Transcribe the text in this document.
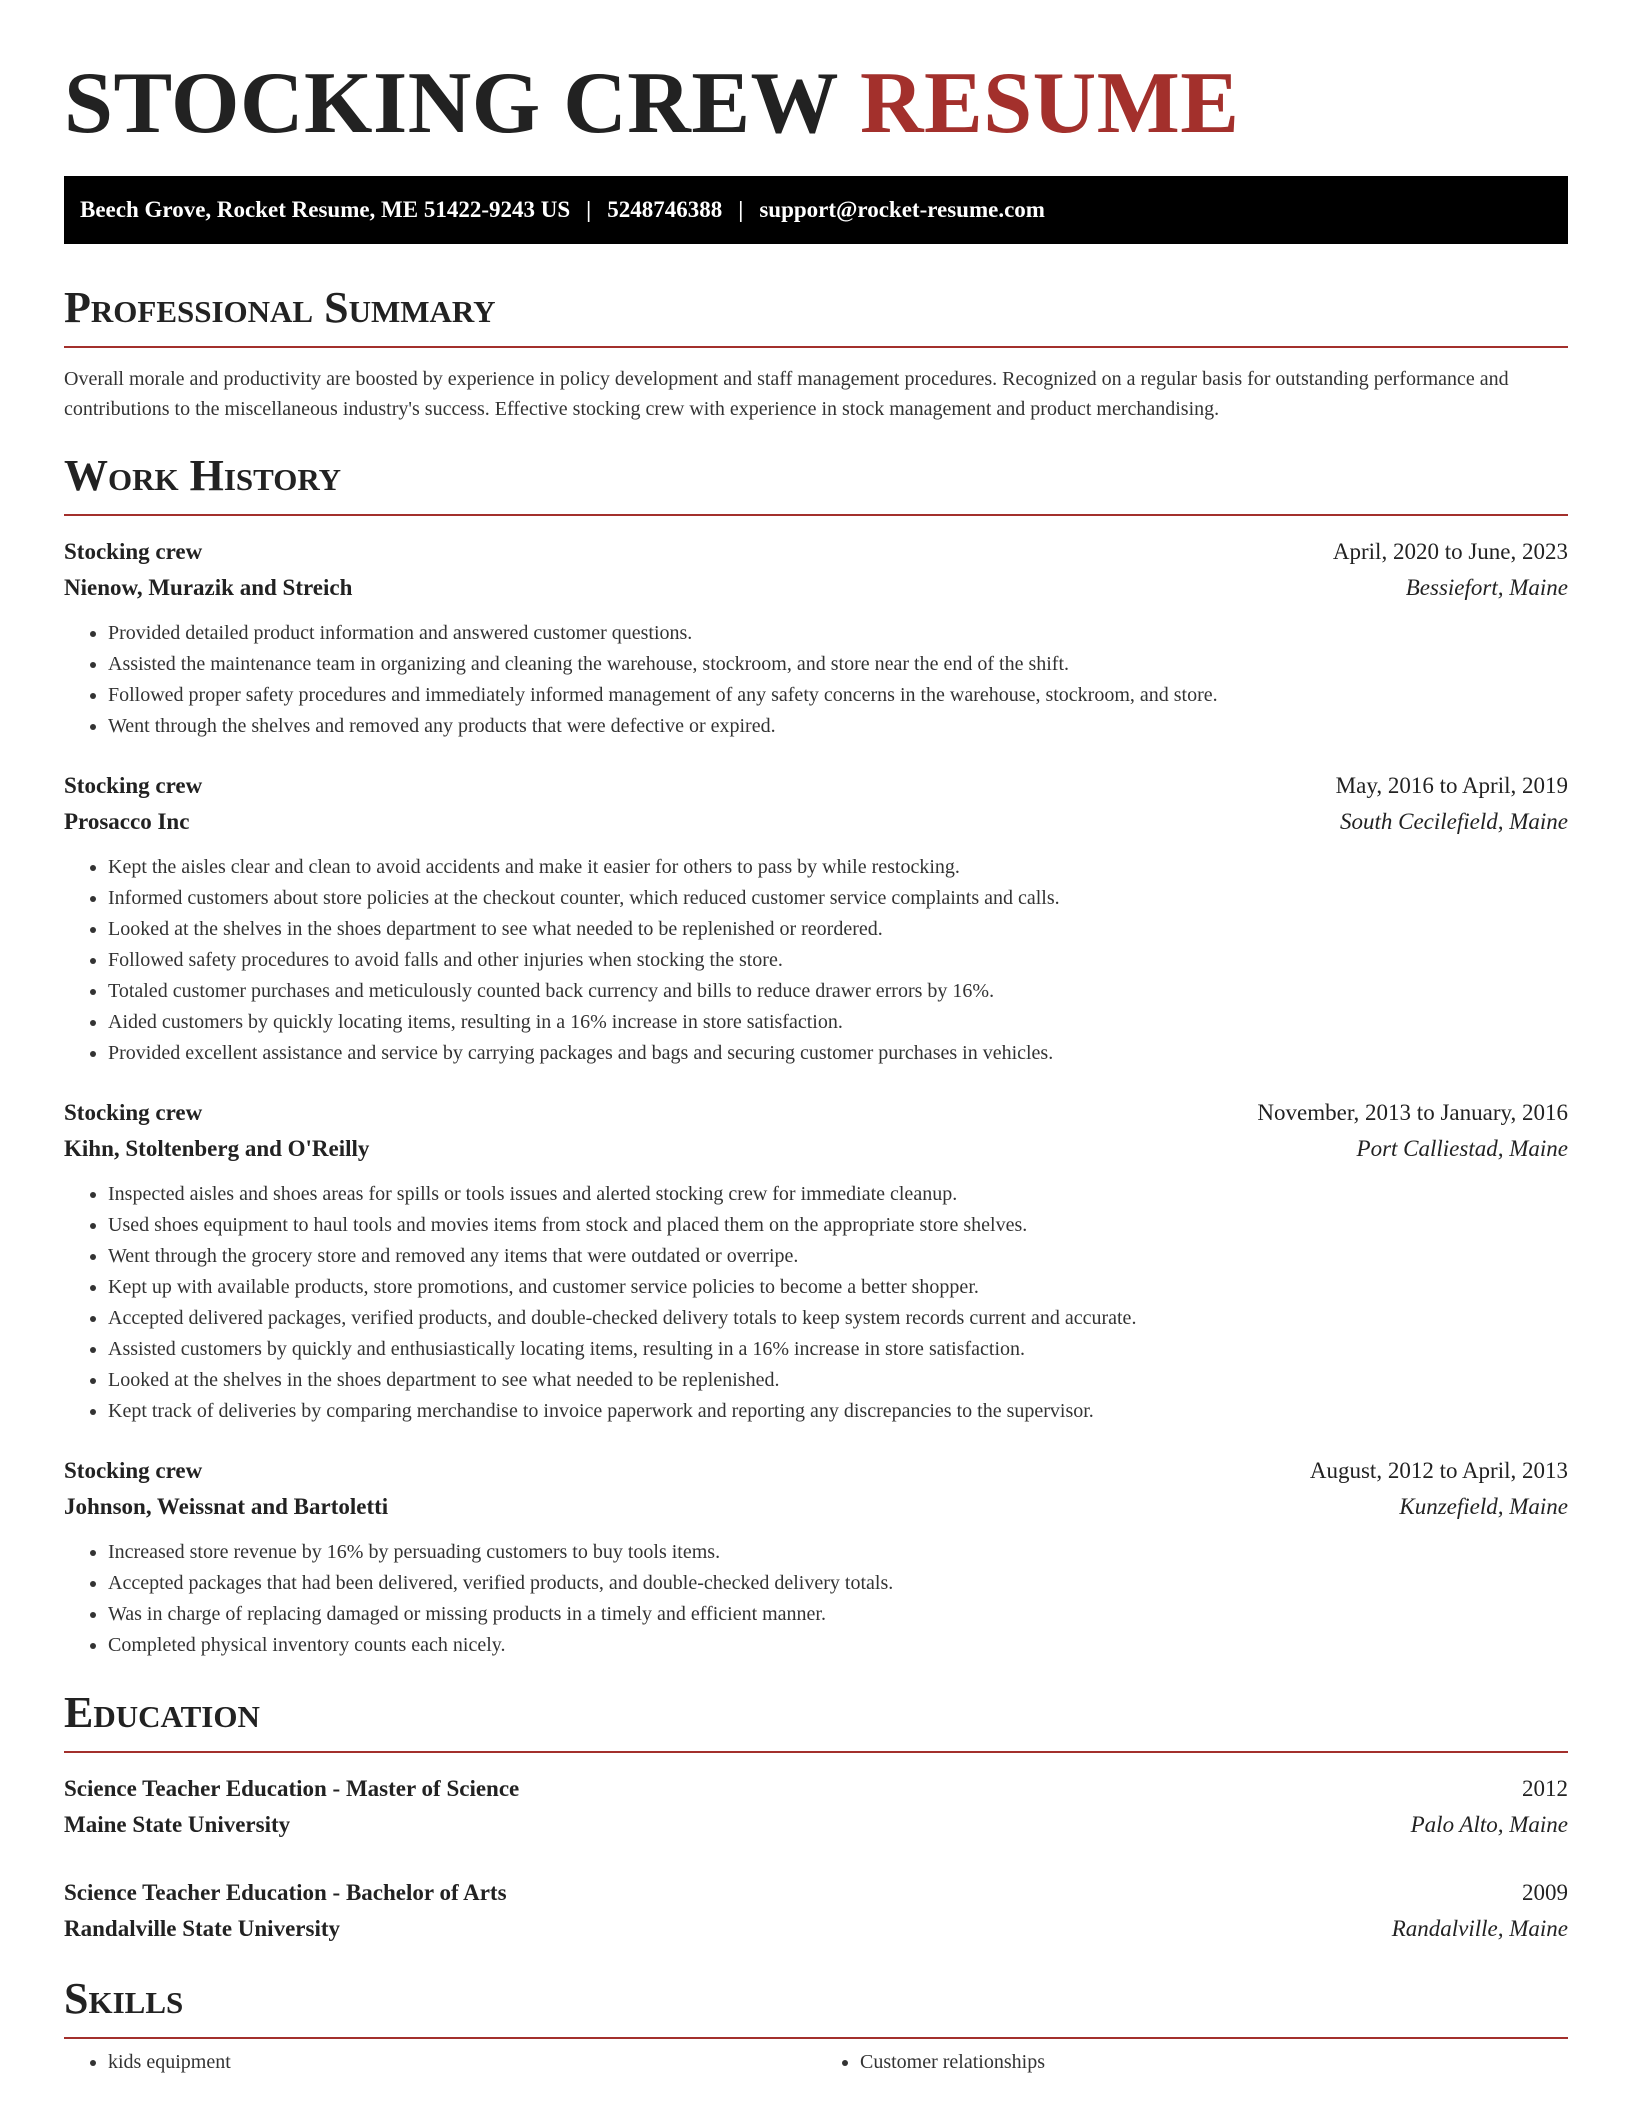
STOCKING CREW RESUME
Beech Grove, Rocket Resume, ME 51422-9243 US | 5248746388 | support@rocket-resume.com
Professional Summary

Overall morale and productivity are boosted by experience in policy development and staff management procedures. Recognized on a regular basis for outstanding performance and contributions to the miscellaneous industry's success. Effective stocking crew with experience in stock management and product merchandising.

Work History
Stocking crew	April, 2020 to June, 2023
Nienow, Murazik and Streich	Bessiefort, Maine
• Provided detailed product information and answered customer questions.
• Assisted the maintenance team in organizing and cleaning the warehouse, stockroom, and store near the end of the shift.
• Followed proper safety procedures and immediately informed management of any safety concerns in the warehouse, stockroom, and store.
• Went through the shelves and removed any products that were defective or expired.
Stocking crew	May, 2016 to April, 2019
Prosacco Inc	South Cecilefield, Maine
• Kept the aisles clear and clean to avoid accidents and make it easier for others to pass by while restocking.
• Informed customers about store policies at the checkout counter, which reduced customer service complaints and calls.
• Looked at the shelves in the shoes department to see what needed to be replenished or reordered.
• Followed safety procedures to avoid falls and other injuries when stocking the store.
• Totaled customer purchases and meticulously counted back currency and bills to reduce drawer errors by 16%.
• Aided customers by quickly locating items, resulting in a 16% increase in store satisfaction.
• Provided excellent assistance and service by carrying packages and bags and securing customer purchases in vehicles.
Stocking crew	November, 2013 to January, 2016
Kihn, Stoltenberg and O'Reilly	Port Calliestad, Maine
• Inspected aisles and shoes areas for spills or tools issues and alerted stocking crew for immediate cleanup.
• Used shoes equipment to haul tools and movies items from stock and placed them on the appropriate store shelves.
• Went through the grocery store and removed any items that were outdated or overripe.
• Kept up with available products, store promotions, and customer service policies to become a better shopper.
• Accepted delivered packages, verified products, and double-checked delivery totals to keep system records current and accurate.
• Assisted customers by quickly and enthusiastically locating items, resulting in a 16% increase in store satisfaction.
• Looked at the shelves in the shoes department to see what needed to be replenished.
• Kept track of deliveries by comparing merchandise to invoice paperwork and reporting any discrepancies to the supervisor.
Stocking crew	August, 2012 to April, 2013
Johnson, Weissnat and Bartoletti	Kunzefield, Maine
• Increased store revenue by 16% by persuading customers to buy tools items.
• Accepted packages that had been delivered, verified products, and double-checked delivery totals.
• Was in charge of replacing damaged or missing products in a timely and efficient manner.
• Completed physical inventory counts each nicely.
Education
Science Teacher Education - Master of Science	2012
Maine State University	Palo Alto, Maine
Science Teacher Education - Bachelor of Arts	2009
Randalville State University	Randalville, Maine
Skills
• kids equipment
•	Customer relationships
